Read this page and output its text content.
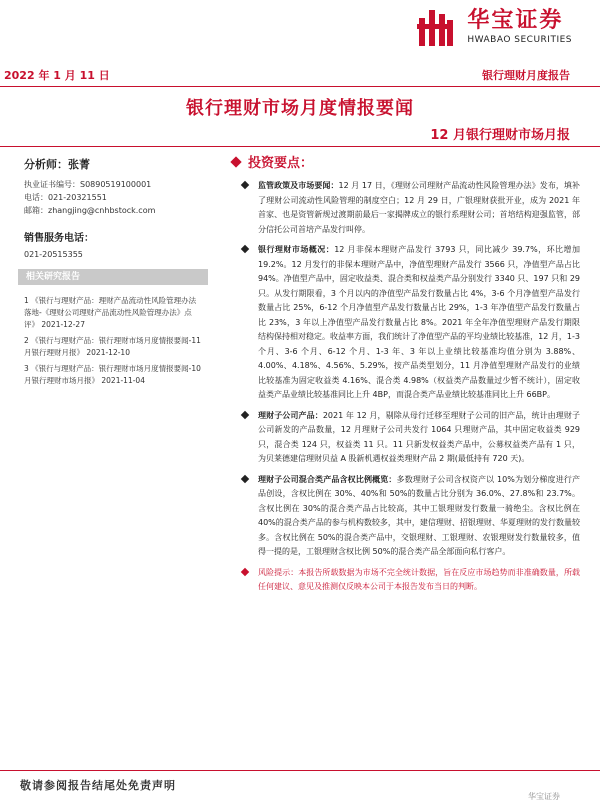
华宝证券
HWABAO SECURITIES
2022 年 1 月 11 日	银行理财月度报告
银行理财市场月度情报要闻
12 月银行理财市场月报
分析师：张菁
执业证书编号：S0890519100001
电话：021-20321551
邮箱：zhangjing@cnhbstock.com
销售服务电话：
021-20515355
相关研究报告
1 《银行与理财产品：理财产品流动性风险管理办法落地-《理财公司理财产品流动性风险管理办法》点评》 2021-12-27
2 《银行与理财产品：银行理财市场月度情报要闻-11 月银行理财月报》 2021-12-10
3 《银行与理财产品：银行理财市场月度情报要闻-10 月银行理财市场月报》 2021-11-04
投资要点：

监管政策及市场要闻：12 月 17 日，《理财公司理财产品流动性风险管理办法》发布，填补了理财公司流动性风险管理的制度空白；12 月 29 日，广银理财获批开业，成为 2021 年首家、也是资管新规过渡期前最后一家揭牌成立的银行系理财公司；首培结构迎强监管，部分信托公司首培产品发行叫停。

银行理财市场概况：12 月非保本理财产品发行 3793 只，同比减少 39.7%，环比增加 19.2%。12 月发行的非保本理财产品中，净值型理财产品发行 3566 只，净值型产品占比 94%。净值型产品中，固定收益类、混合类和权益类产品分别发行 3340 只、197 只和 29 只。从发行期限看，3 个月以内的净值型产品发行数量占比 4%，3-6 个月净值型产品发行数量占比 25%，6-12 个月净值型产品发行数量占比 29%，1-3 年净值型产品发行数量占比 23%，3 年以上净值型产品发行数量占比 8%。2021 年全年净值型理财产品发行期限结构保持相对稳定。收益率方面，我们统计了净值型产品的平均业绩比较基准，12 月，1-3 个月、3-6 个月、6-12 个月、1-3 年、3 年以上业绩比较基准均值分别为 3.88%、4.00%、4.18%、4.56%、5.29%，按产品类型划分，11 月净值型理财产品发行的业绩比较基准为固定收益类 4.16%、混合类 4.98%（权益类产品数量过少暂不统计），固定收益类产品业绩比较基准同比上升 4BP，而混合类产品业绩比较基准同比上升 66BP。

理财子公司产品：2021 年 12 月，剔除从母行迁移至理财子公司的旧产品，统计由理财子公司新发的产品数量，12 月理财子公司共发行 1064 只理财产品，其中固定收益类 929 只，混合类 124 只，权益类 11 只。11 只新发权益类产品中，公募权益类产品有 1 只，为贝莱德建信理财贝益 A 股新机遇权益类理财产品 2 期(最低持有 720 天)。

理财子公司混合类产品含权比例概览：多数理财子公司含权资产以 10%为划分梯度进行产品创设，含权比例在 30%、40%和 50%的数量占比分别为 36.0%、27.8%和 23.7%。含权比例在 30%的混合类产品占比较高，其中工银理财发行数量一骑绝尘。含权比例在 40%的混合类产品的参与机构数较多，其中，建信理财、招银理财、华夏理财的发行数量较多。含权比例在 50%的混合类产品中，交银理财、工银理财、农银理财发行数量较多，值得一提的是，工银理财含权比例 50%的混合类产品全部面向私行客户。

风险提示：本报告所载数据为市场不完全统计数据，旨在反应市场趋势而非准确数量，所载任何建议、意见及推测仅反映本公司于本报告发布当日的判断。

敬请参阅报告结尾处免责声明
华宝证券
